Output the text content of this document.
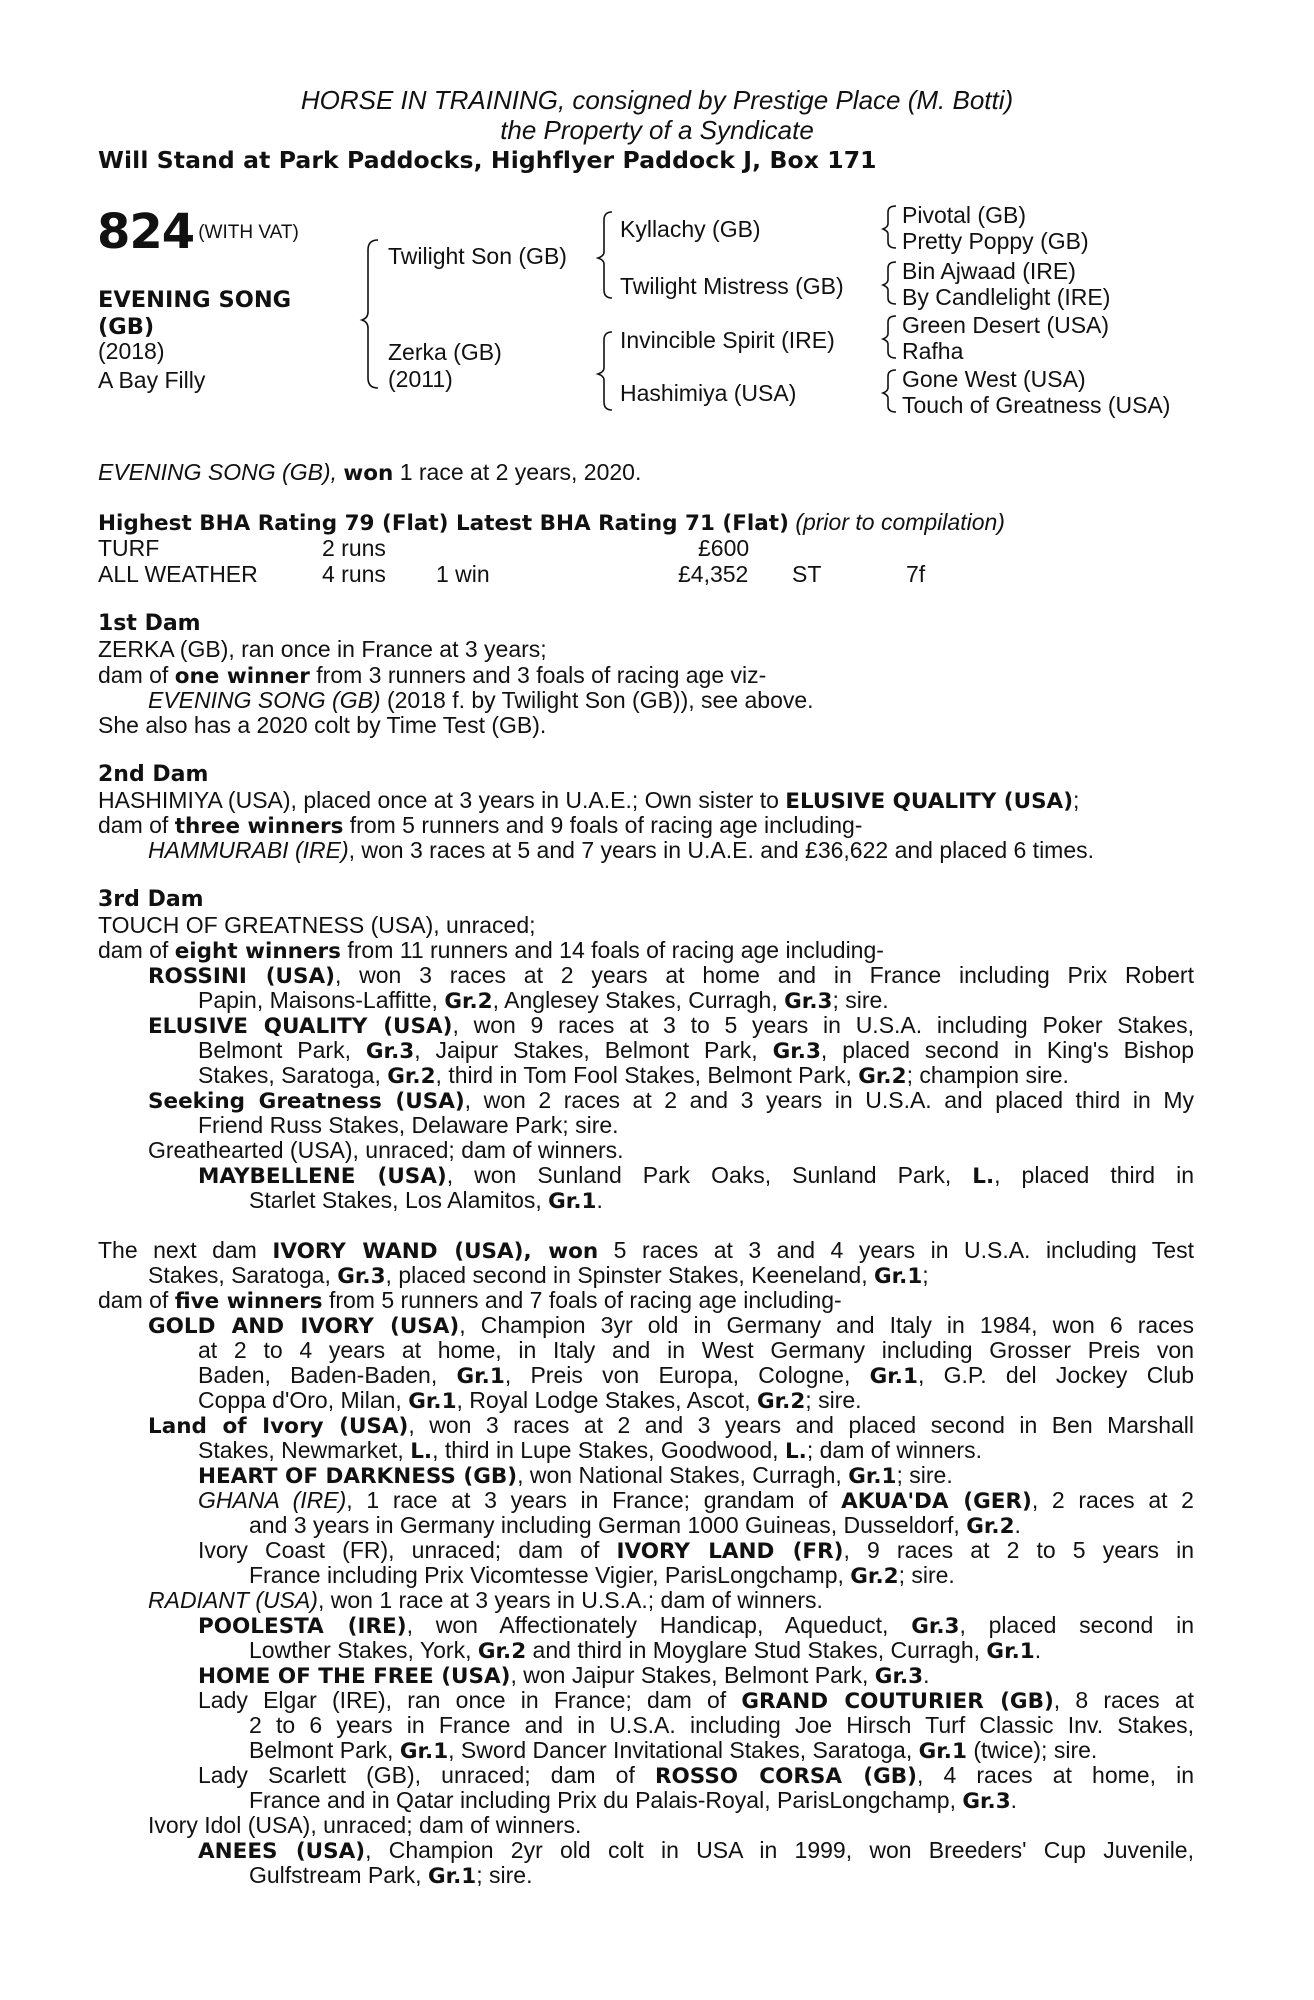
HORSE IN TRAINING, consigned by Prestige Place (M. Botti)
the Property of a Syndicate
Will Stand at Park Paddocks, Highflyer Paddock J, Box 171
824 (WITH VAT)
EVENING SONG
(GB)
(2018)
A Bay Filly
Twilight Son (GB)
Zerka (GB)
(2011)
Kyllachy (GB)
Twilight Mistress (GB)
Invincible Spirit (IRE)
Hashimiya (USA)
Pivotal (GB)
Pretty Poppy (GB)
Bin Ajwaad (IRE)
By Candlelight (IRE)
Green Desert (USA)
Rafha
Gone West (USA)
Touch of Greatness (USA)
EVENING SONG (GB), won 1 race at 2 years, 2020.
Highest BHA Rating 79 (Flat) Latest BHA Rating 71 (Flat) (prior to compilation)
TURF	2 runs	£600
ALL WEATHER	4 runs 1 win	£4,352 ST	7f
1st Dam
ZERKA (GB), ran once in France at 3 years;
dam of one winner from 3 runners and 3 foals of racing age viz-
EVENING SONG (GB) (2018 f. by Twilight Son (GB)), see above.
She also has a 2020 colt by Time Test (GB).
2nd Dam
HASHIMIYA (USA), placed once at 3 years in U.A.E.; Own sister to ELUSIVE QUALITY (USA);
dam of three winners from 5 runners and 9 foals of racing age including-
HAMMURABI (IRE), won 3 races at 5 and 7 years in U.A.E. and £36,622 and placed 6 times.
3rd Dam
TOUCH OF GREATNESS (USA), unraced;
dam of eight winners from 11 runners and 14 foals of racing age including-
ROSSINI (USA), won 3 races at 2 years at home and in France including Prix Robert
Papin, Maisons-Laffitte, Gr.2, Anglesey Stakes, Curragh, Gr.3; sire.
ELUSIVE QUALITY (USA), won 9 races at 3 to 5 years in U.S.A. including Poker Stakes,
Belmont Park, Gr.3, Jaipur Stakes, Belmont Park, Gr.3, placed second in King's Bishop
Stakes, Saratoga, Gr.2, third in Tom Fool Stakes, Belmont Park, Gr.2; champion sire.
Seeking Greatness (USA), won 2 races at 2 and 3 years in U.S.A. and placed third in My
Friend Russ Stakes, Delaware Park; sire.
Greathearted (USA), unraced; dam of winners.
MAYBELLENE (USA), won Sunland Park Oaks, Sunland Park, L., placed third in
Starlet Stakes, Los Alamitos, Gr.1.
The next dam IVORY WAND (USA), won 5 races at 3 and 4 years in U.S.A. including Test
Stakes, Saratoga, Gr.3, placed second in Spinster Stakes, Keeneland, Gr.1;
dam of five winners from 5 runners and 7 foals of racing age including-
GOLD AND IVORY (USA), Champion 3yr old in Germany and Italy in 1984, won 6 races
at 2 to 4 years at home, in Italy and in West Germany including Grosser Preis von
Baden, Baden-Baden, Gr.1, Preis von Europa, Cologne, Gr.1, G.P. del Jockey Club
Coppa d'Oro, Milan, Gr.1, Royal Lodge Stakes, Ascot, Gr.2; sire.
Land of Ivory (USA), won 3 races at 2 and 3 years and placed second in Ben Marshall
Stakes, Newmarket, L., third in Lupe Stakes, Goodwood, L.; dam of winners.
HEART OF DARKNESS (GB), won National Stakes, Curragh, Gr.1; sire.
GHANA (IRE), 1 race at 3 years in France; grandam of AKUA'DA (GER), 2 races at 2
and 3 years in Germany including German 1000 Guineas, Dusseldorf, Gr.2.
Ivory Coast (FR), unraced; dam of IVORY LAND (FR), 9 races at 2 to 5 years in
France including Prix Vicomtesse Vigier, ParisLongchamp, Gr.2; sire.
RADIANT (USA), won 1 race at 3 years in U.S.A.; dam of winners.
POOLESTA (IRE), won Affectionately Handicap, Aqueduct, Gr.3, placed second in
Lowther Stakes, York, Gr.2 and third in Moyglare Stud Stakes, Curragh, Gr.1.
HOME OF THE FREE (USA), won Jaipur Stakes, Belmont Park, Gr.3.
Lady Elgar (IRE), ran once in France; dam of GRAND COUTURIER (GB), 8 races at
2 to 6 years in France and in U.S.A. including Joe Hirsch Turf Classic Inv. Stakes,
Belmont Park, Gr.1, Sword Dancer Invitational Stakes, Saratoga, Gr.1 (twice); sire.
Lady Scarlett (GB), unraced; dam of ROSSO CORSA (GB), 4 races at home, in
France and in Qatar including Prix du Palais-Royal, ParisLongchamp, Gr.3.
Ivory Idol (USA), unraced; dam of winners.
ANEES (USA), Champion 2yr old colt in USA in 1999, won Breeders' Cup Juvenile,
Gulfstream Park, Gr.1; sire.
